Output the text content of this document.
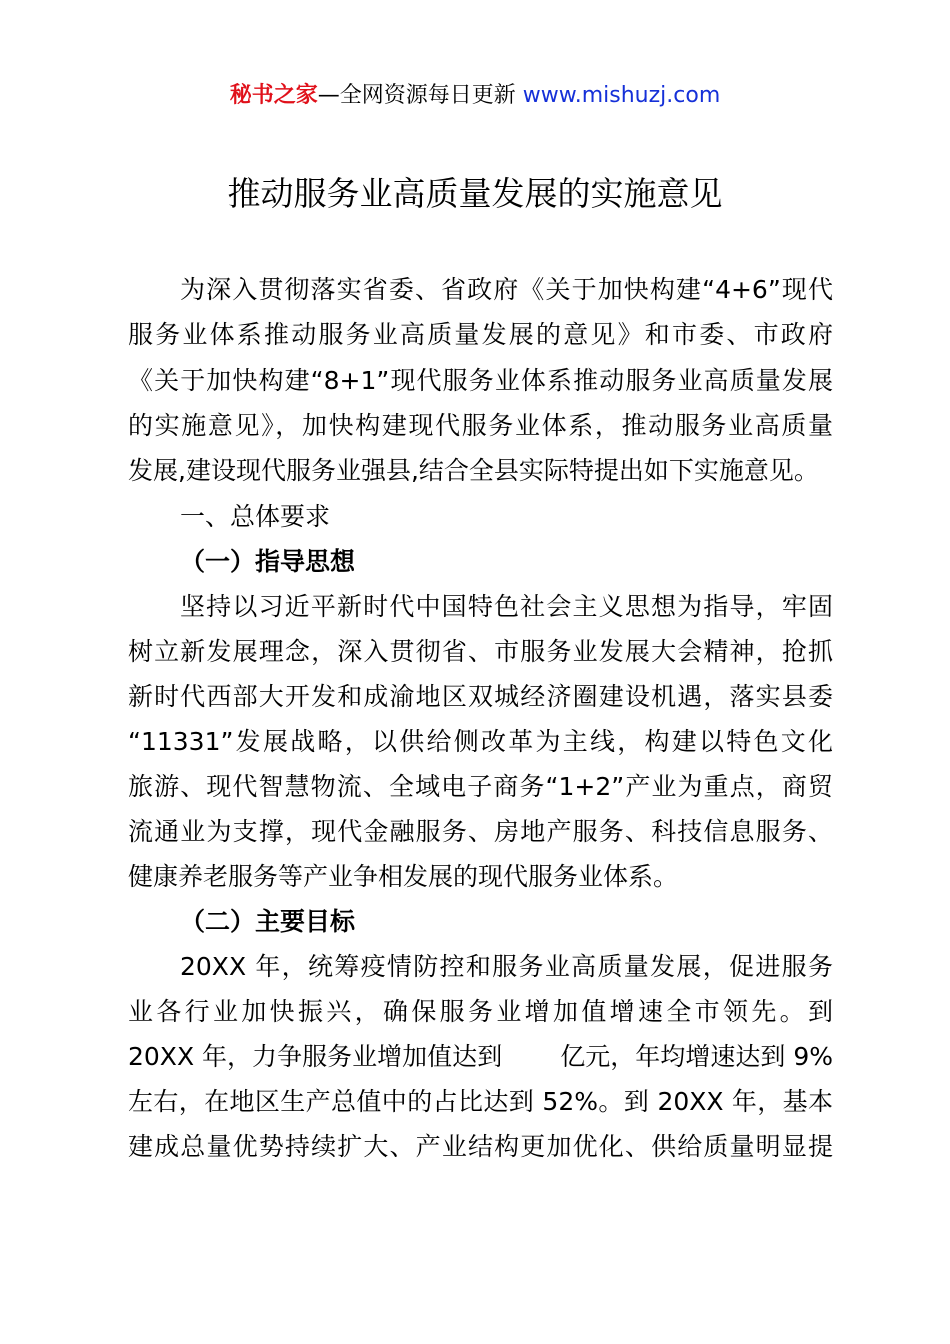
秘书之家—全网资源每日更新 www.mishuzj.com
推动服务业高质量发展的实施意见
为深入贯彻落实省委、省政府《关于加快构建“4+6”现代
服务业体系推动服务业高质量发展的意见》和市委、市政府
《关于加快构建“8+1”现代服务业体系推动服务业高质量发展
的实施意见》，加快构建现代服务业体系，推动服务业高质量
发展,建设现代服务业强县,结合全县实际特提出如下实施意见。
一、总体要求
（一）指导思想
坚持以习近平新时代中国特色社会主义思想为指导，牢固
树立新发展理念，深入贯彻省、市服务业发展大会精神，抢抓
新时代西部大开发和成渝地区双城经济圈建设机遇，落实县委
“11331”发展战略，以供给侧改革为主线，构建以特色文化
旅游、现代智慧物流、全域电子商务“1+2”产业为重点，商贸
流通业为支撑，现代金融服务、房地产服务、科技信息服务、
健康养老服务等产业争相发展的现代服务业体系。
（二）主要目标
20XX 年，统筹疫情防控和服务业高质量发展，促进服务
业各行业加快振兴，确保服务业增加值增速全市领先。到
20XX 年，力争服务业增加值达到 亿元，年均增速达到 9%
左右，在地区生产总值中的占比达到 52%。到 20XX 年，基本
建成总量优势持续扩大、产业结构更加优化、供给质量明显提
